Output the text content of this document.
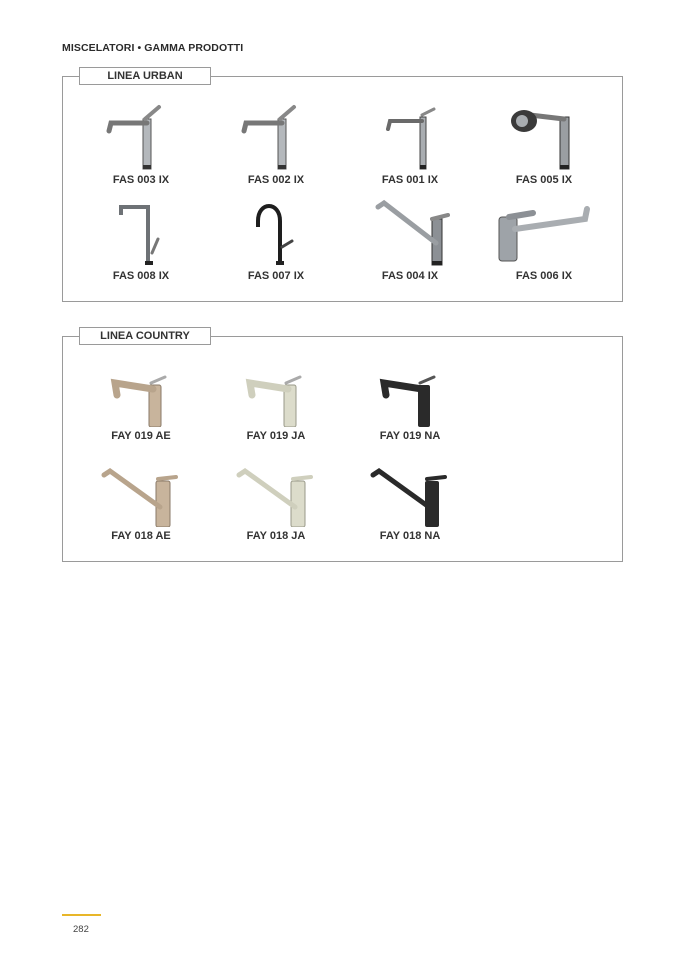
MISCELATORI • GAMMA PRODOTTI
LINEA URBAN
FAS 003 IX	FAS 002 IX	FAS 001 IX	FAS 005 IX
FAS 008 IX	FAS 007 IX	FAS 004 IX	FAS 006 IX
LINEA COUNTRY
FAY 019 AE	FAY 019 JA	FAY 019 NA
FAY 018 AE	FAY 018 JA	FAY 018 NA
282
